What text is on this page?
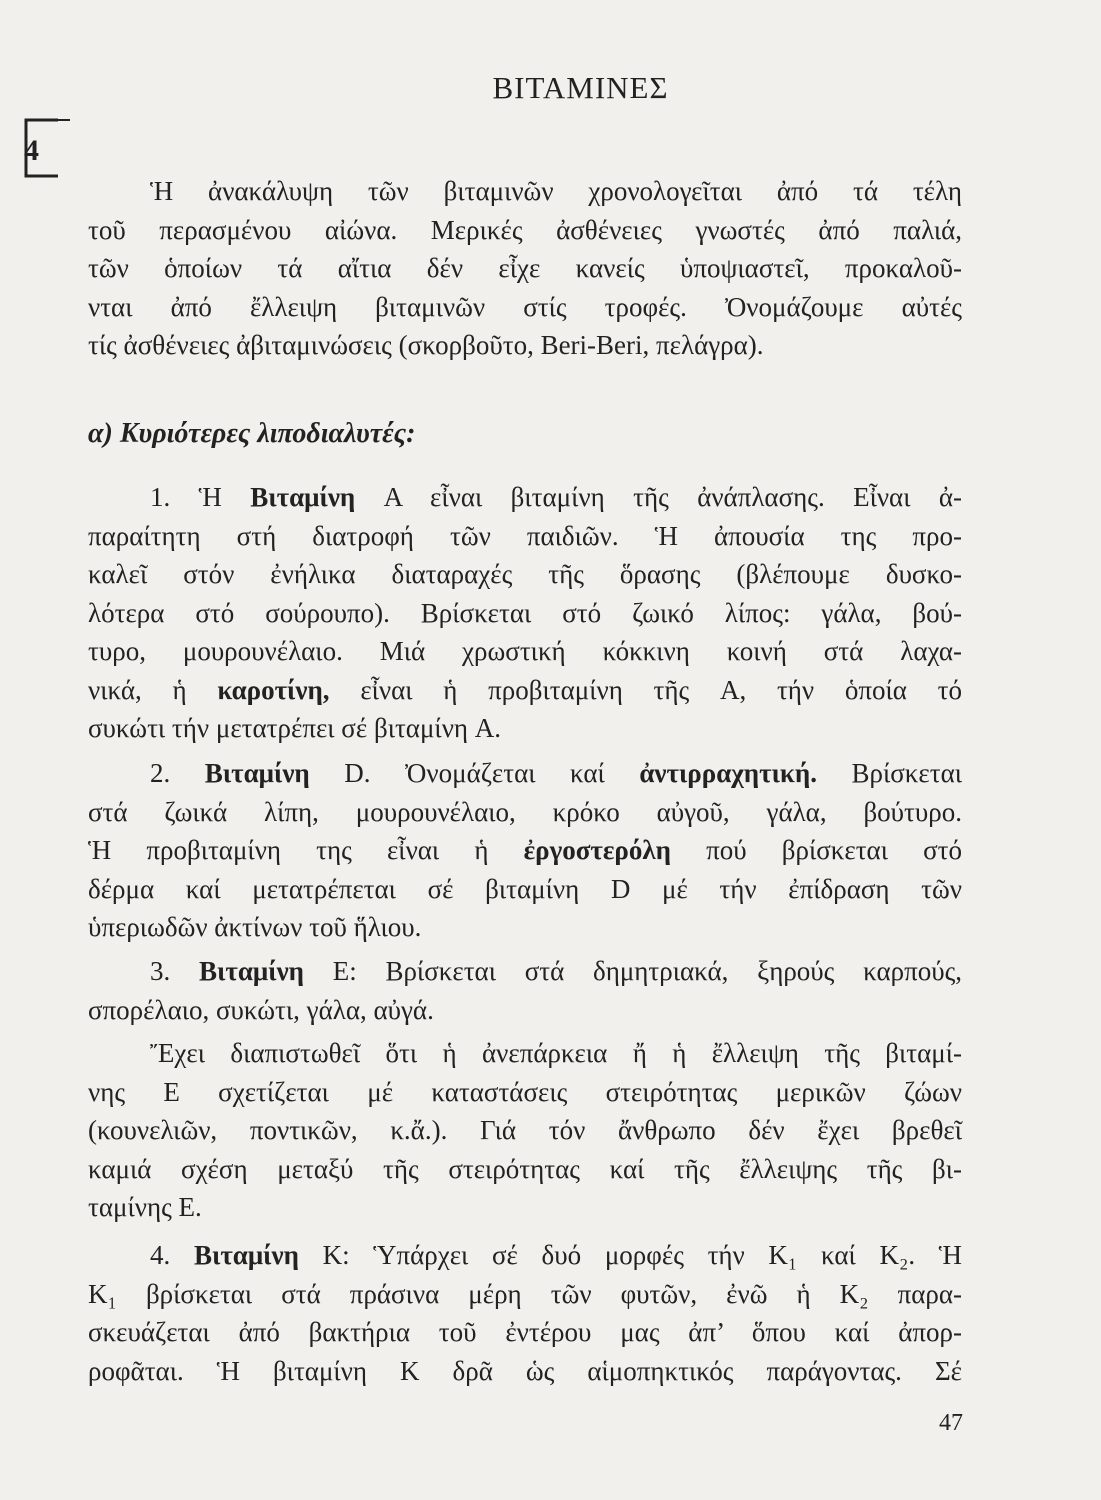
ΒΙΤΑΜΙΝΕΣ
4
Ἡ ἀνακάλυψη τῶν βιταμινῶν χρονολογεῖται ἀπό τά τέλη
τοῦ περασμένου αἰώνα. Μερικές ἀσθένειες γνωστές ἀπό παλιά,
τῶν ὁποίων τά αἴτια δέν εἶχε κανείς ὑποψιαστεῖ, προκαλοῦ-
νται ἀπό ἔλλειψη βιταμινῶν στίς τροφές. Ὀνομάζουμε αὐτές
τίς ἀσθένειες ἀβιταμινώσεις (σκορβοῦτο, Beri-Beri, πελάγρα).
α) Κυριότερες λιποδιαλυτές:
1. Ἡ Βιταμίνη A εἶναι βιταμίνη τῆς ἀνάπλασης. Εἶναι ἀ-
παραίτητη στή διατροφή τῶν παιδιῶν. Ἡ ἀπουσία της προ-
καλεῖ στόν ἐνήλικα διαταραχές τῆς ὅρασης (βλέπουμε δυσκο-
λότερα στό σούρουπο). Βρίσκεται στό ζωικό λίπος: γάλα, βού-
τυρο, μουρουνέλαιο. Μιά χρωστική κόκκινη κοινή στά λαχα-
νικά, ἡ καροτίνη, εἶναι ἡ προβιταμίνη τῆς A, τήν ὁποία τό
συκώτι τήν μετατρέπει σέ βιταμίνη A.
2. Βιταμίνη D. Ὀνομάζεται καί ἀντιρραχητική. Βρίσκεται
στά ζωικά λίπη, μουρουνέλαιο, κρόκο αὐγοῦ, γάλα, βούτυρο.
Ἡ προβιταμίνη της εἶναι ἡ ἐργοστερόλη πού βρίσκεται στό
δέρμα καί μετατρέπεται σέ βιταμίνη D μέ τήν ἐπίδραση τῶν
ὑπεριωδῶν ἀκτίνων τοῦ ἥλιου.
3. Βιταμίνη E: Βρίσκεται στά δημητριακά, ξηρούς καρπούς,
σπορέλαιο, συκώτι, γάλα, αὐγά.
Ἔχει διαπιστωθεῖ ὅτι ἡ ἀνεπάρκεια ἤ ἡ ἔλλειψη τῆς βιταμί-
νης E σχετίζεται μέ καταστάσεις στειρότητας μερικῶν ζώων
(κουνελιῶν, ποντικῶν, κ.ἄ.). Γιά τόν ἄνθρωπο δέν ἔχει βρεθεῖ
καμιά σχέση μεταξύ τῆς στειρότητας καί τῆς ἔλλειψης τῆς βι-
ταμίνης E.
4. Βιταμίνη K: Ὑπάρχει σέ δυό μορφές τήν K₁ καί K₂. Ἡ
K₁ βρίσκεται στά πράσινα μέρη τῶν φυτῶν, ἐνῶ ἡ K₂ παρα-
σκευάζεται ἀπό βακτήρια τοῦ ἐντέρου μας ἀπ’ ὅπου καί ἀπορ-
ροφᾶται. Ἡ βιταμίνη K δρᾶ ὡς αἱμοπηκτικός παράγοντας. Σέ
47
